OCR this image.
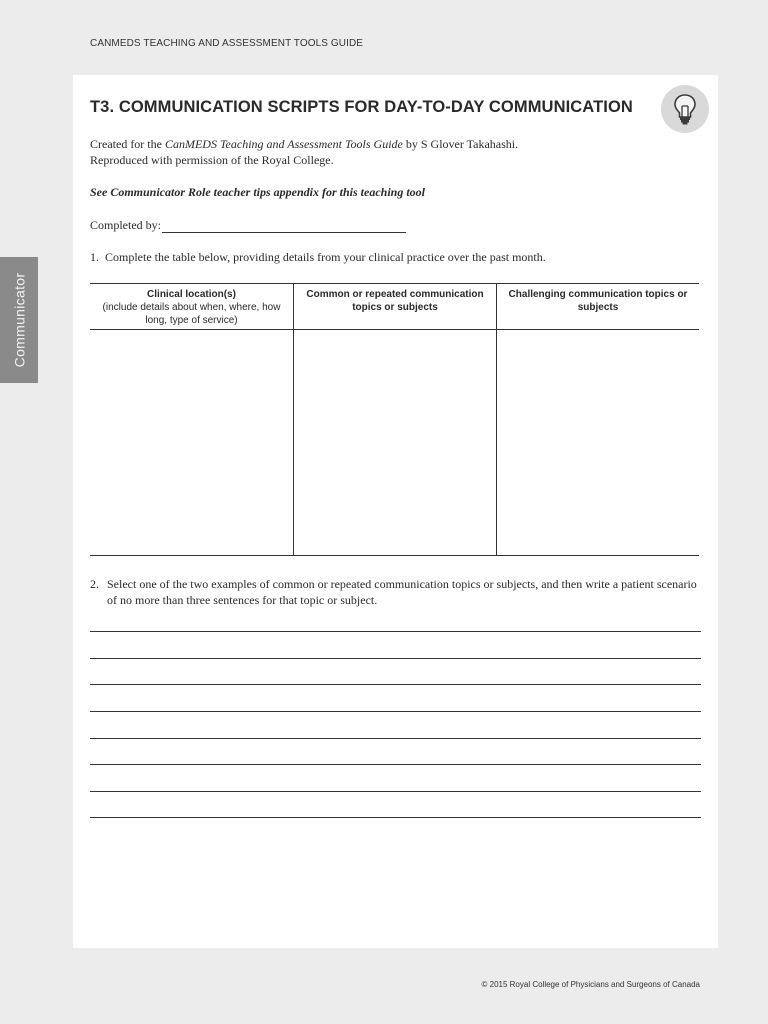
CANMEDS TEACHING AND ASSESSMENT TOOLS GUIDE
Communicator
T3. COMMUNICATION SCRIPTS FOR DAY-TO-DAY COMMUNICATION
Created for the CanMEDS Teaching and Assessment Tools Guide by S Glover Takahashi.
Reproduced with permission of the Royal College.
See Communicator Role teacher tips appendix for this teaching tool
Completed by:
1. Complete the table below, providing details from your clinical practice over the past month.
Clinical location(s)
(include details about when, where, how long, type of service)
Common or repeated communication topics or subjects
Challenging communication topics or subjects
2. Select one of the two examples of common or repeated communication topics or subjects, and then write a patient scenario of no more than three sentences for that topic or subject.
© 2015 Royal College of Physicians and Surgeons of Canada
